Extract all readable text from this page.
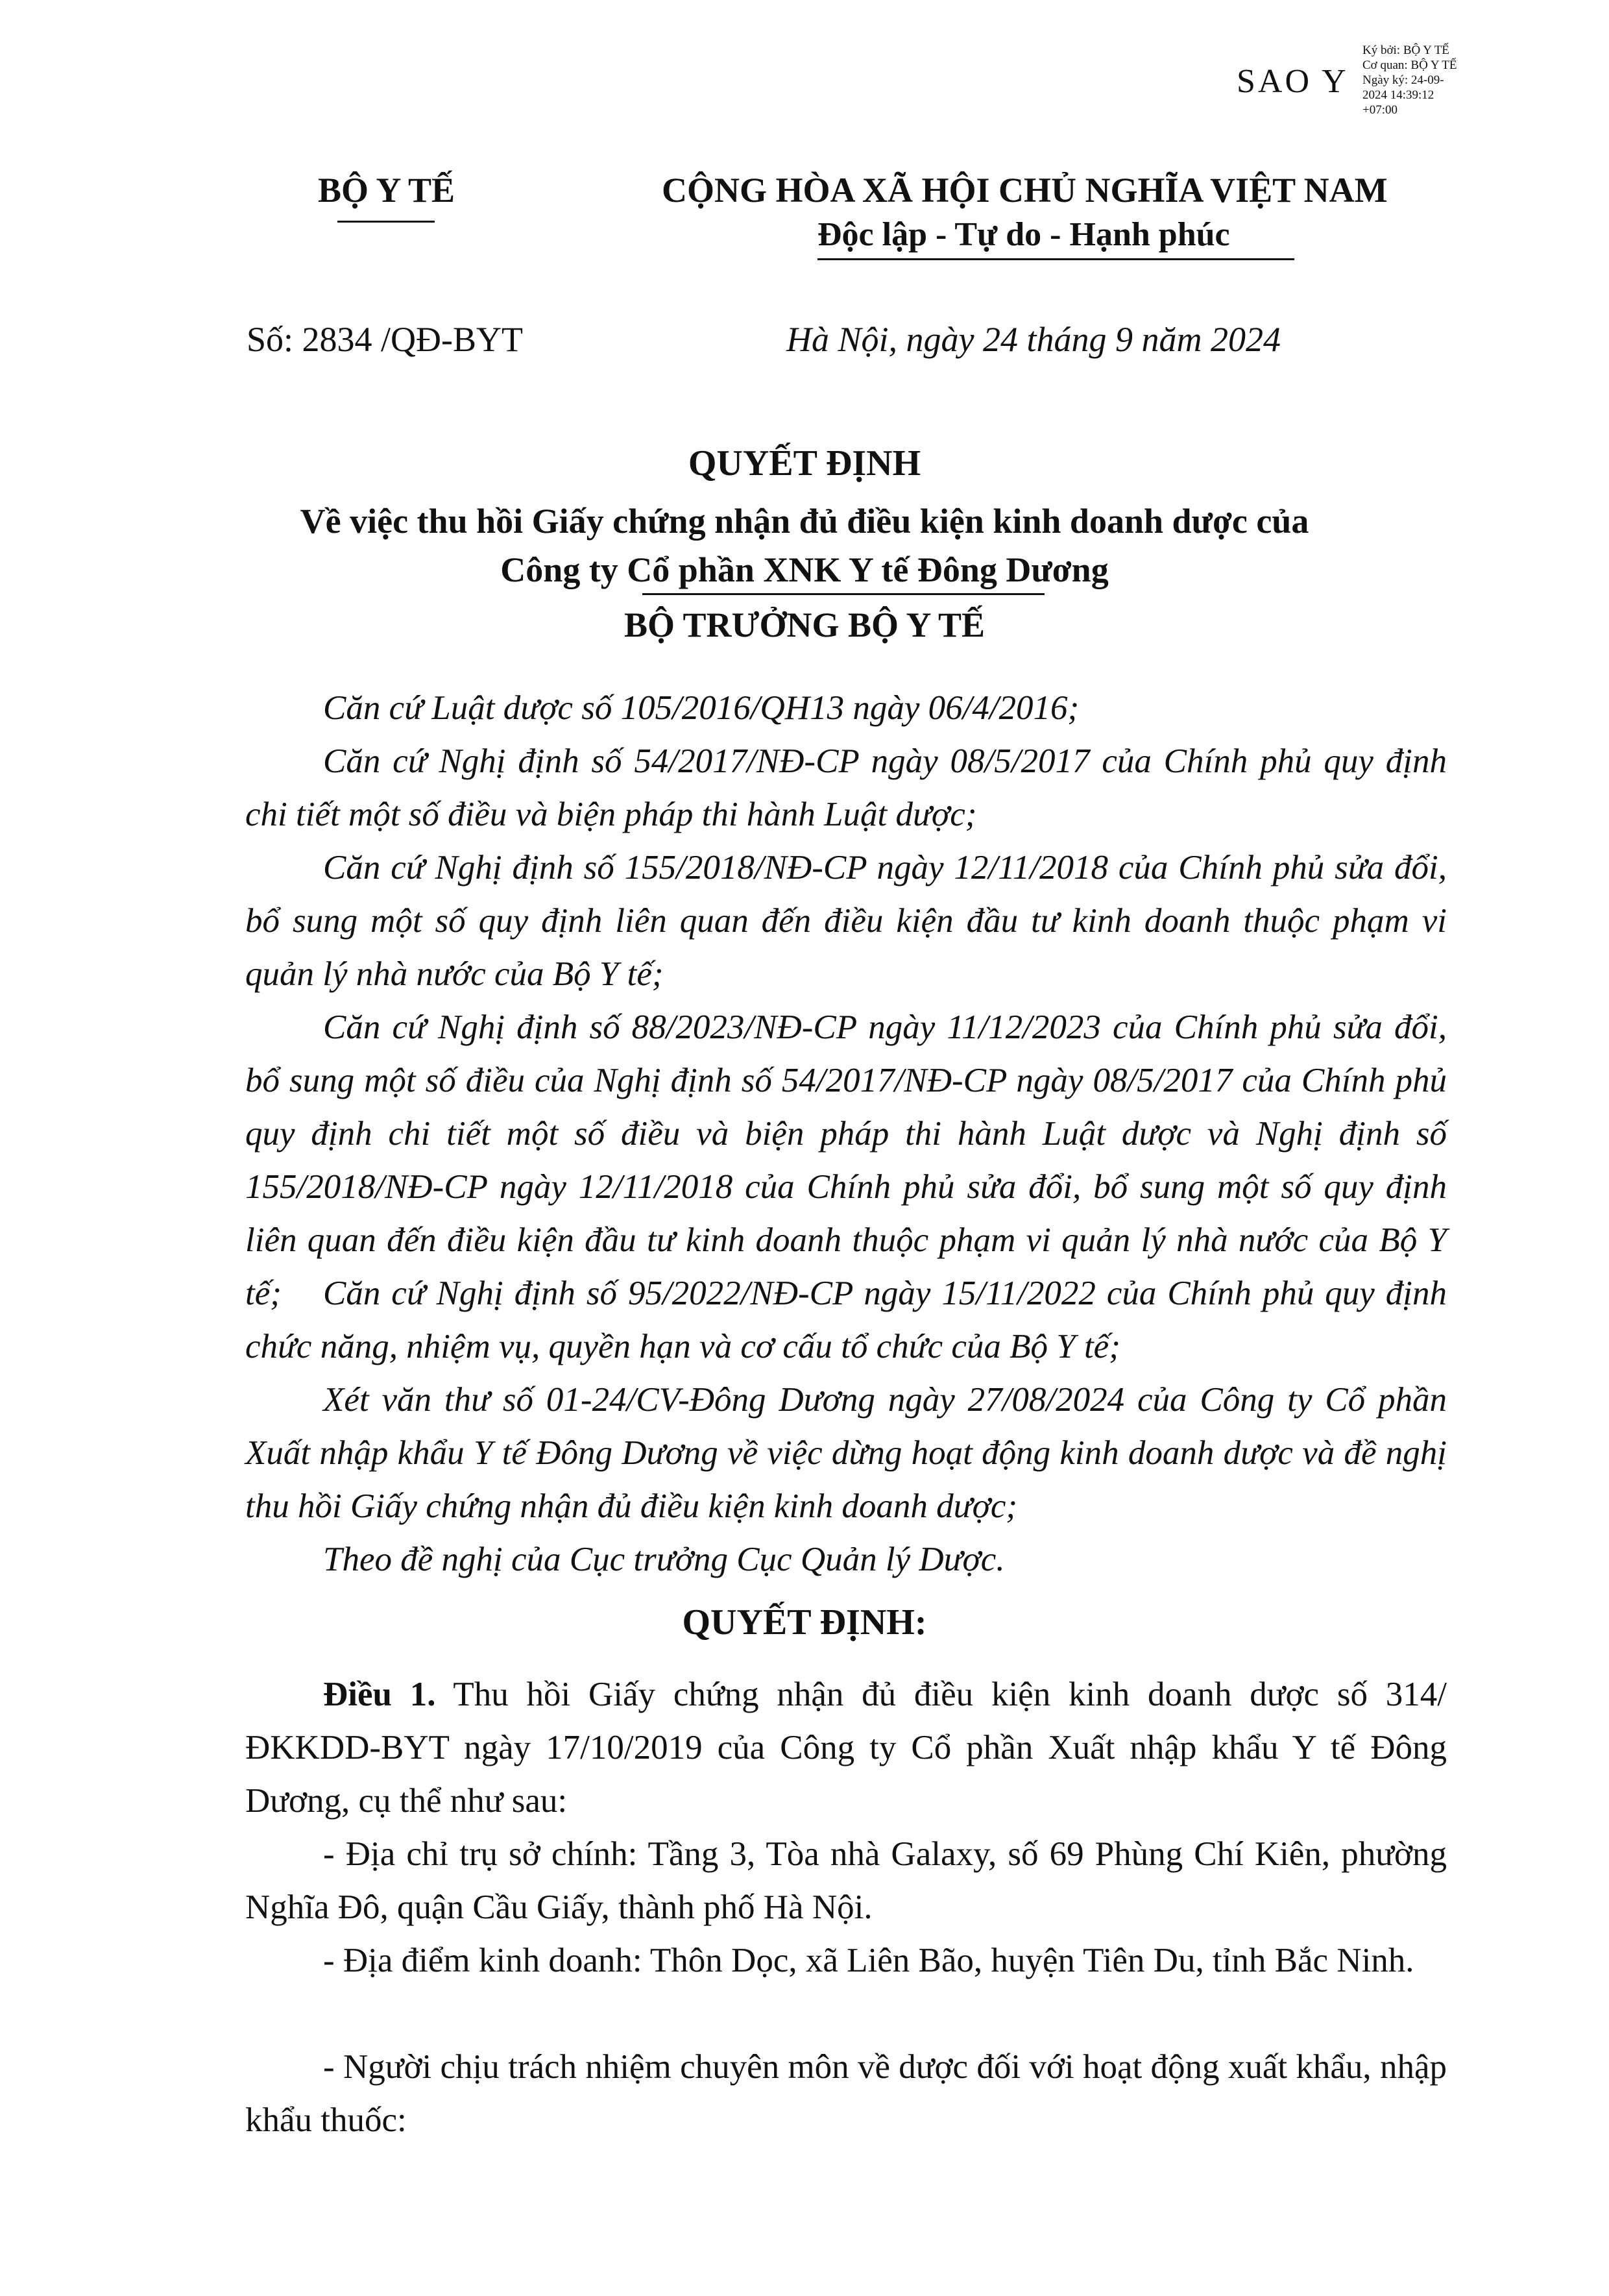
SAO Y
Ký bởi: BỘ Y TẾ
Cơ quan: BỘ Y TẾ
Ngày ký: 24-09-
2024 14:39:12
+07:00
BỘ Y TẾ	CỘNG HÒA XÃ HỘI CHỦ NGHĨA VIỆT NAM
Độc lập - Tự do - Hạnh phúc
Số: 2834 /QĐ-BYT	Hà Nội, ngày 24 tháng 9 năm 2024
QUYẾT ĐỊNH
Về việc thu hồi Giấy chứng nhận đủ điều kiện kinh doanh dược của
Công ty Cổ phần XNK Y tế Đông Dương
BỘ TRƯỞNG BỘ Y TẾ

Căn cứ Luật dược số 105/2016/QH13 ngày 06/4/2016;

Căn cứ Nghị định số 54/2017/NĐ-CP ngày 08/5/2017 của Chính phủ quy định chi tiết một số điều và biện pháp thi hành Luật dược;

Căn cứ Nghị định số 155/2018/NĐ-CP ngày 12/11/2018 của Chính phủ sửa đổi, bổ sung một số quy định liên quan đến điều kiện đầu tư kinh doanh thuộc phạm vi quản lý nhà nước của Bộ Y tế;

Căn cứ Nghị định số 88/2023/NĐ-CP ngày 11/12/2023 của Chính phủ sửa đổi, bổ sung một số điều của Nghị định số 54/2017/NĐ-CP ngày 08/5/2017 của Chính phủ quy định chi tiết một số điều và biện pháp thi hành Luật dược và Nghị định số 155/2018/NĐ-CP ngày 12/11/2018 của Chính phủ sửa đổi, bổ sung một số quy định liên quan đến điều kiện đầu tư kinh doanh thuộc phạm vi quản lý nhà nước của Bộ Y tế;	Căn cứ Nghị định số 95/2022/NĐ-CP ngày 15/11/2022 của Chính phủ quy định chức năng, nhiệm vụ, quyền hạn và cơ cấu tổ chức của Bộ Y tế;

Xét văn thư số 01-24/CV-Đông Dương ngày 27/08/2024 của Công ty Cổ phần Xuất nhập khẩu Y tế Đông Dương về việc dừng hoạt động kinh doanh dược và đề nghị thu hồi Giấy chứng nhận đủ điều kiện kinh doanh dược;

Theo đề nghị của Cục trưởng Cục Quản lý Dược.

QUYẾT ĐỊNH:

Điều 1. Thu hồi Giấy chứng nhận đủ điều kiện kinh doanh dược số 314/ĐKKDD-BYT ngày 17/10/2019 của Công ty Cổ phần Xuất nhập khẩu Y tế Đông Dương, cụ thể như sau:

- Địa chỉ trụ sở chính: Tầng 3, Tòa nhà Galaxy, số 69 Phùng Chí Kiên, phường Nghĩa Đô, quận Cầu Giấy, thành phố Hà Nội.

- Địa điểm kinh doanh: Thôn Dọc, xã Liên Bão, huyện Tiên Du, tỉnh Bắc Ninh.

- Người chịu trách nhiệm chuyên môn về dược đối với hoạt động xuất khẩu, nhập khẩu thuốc:
